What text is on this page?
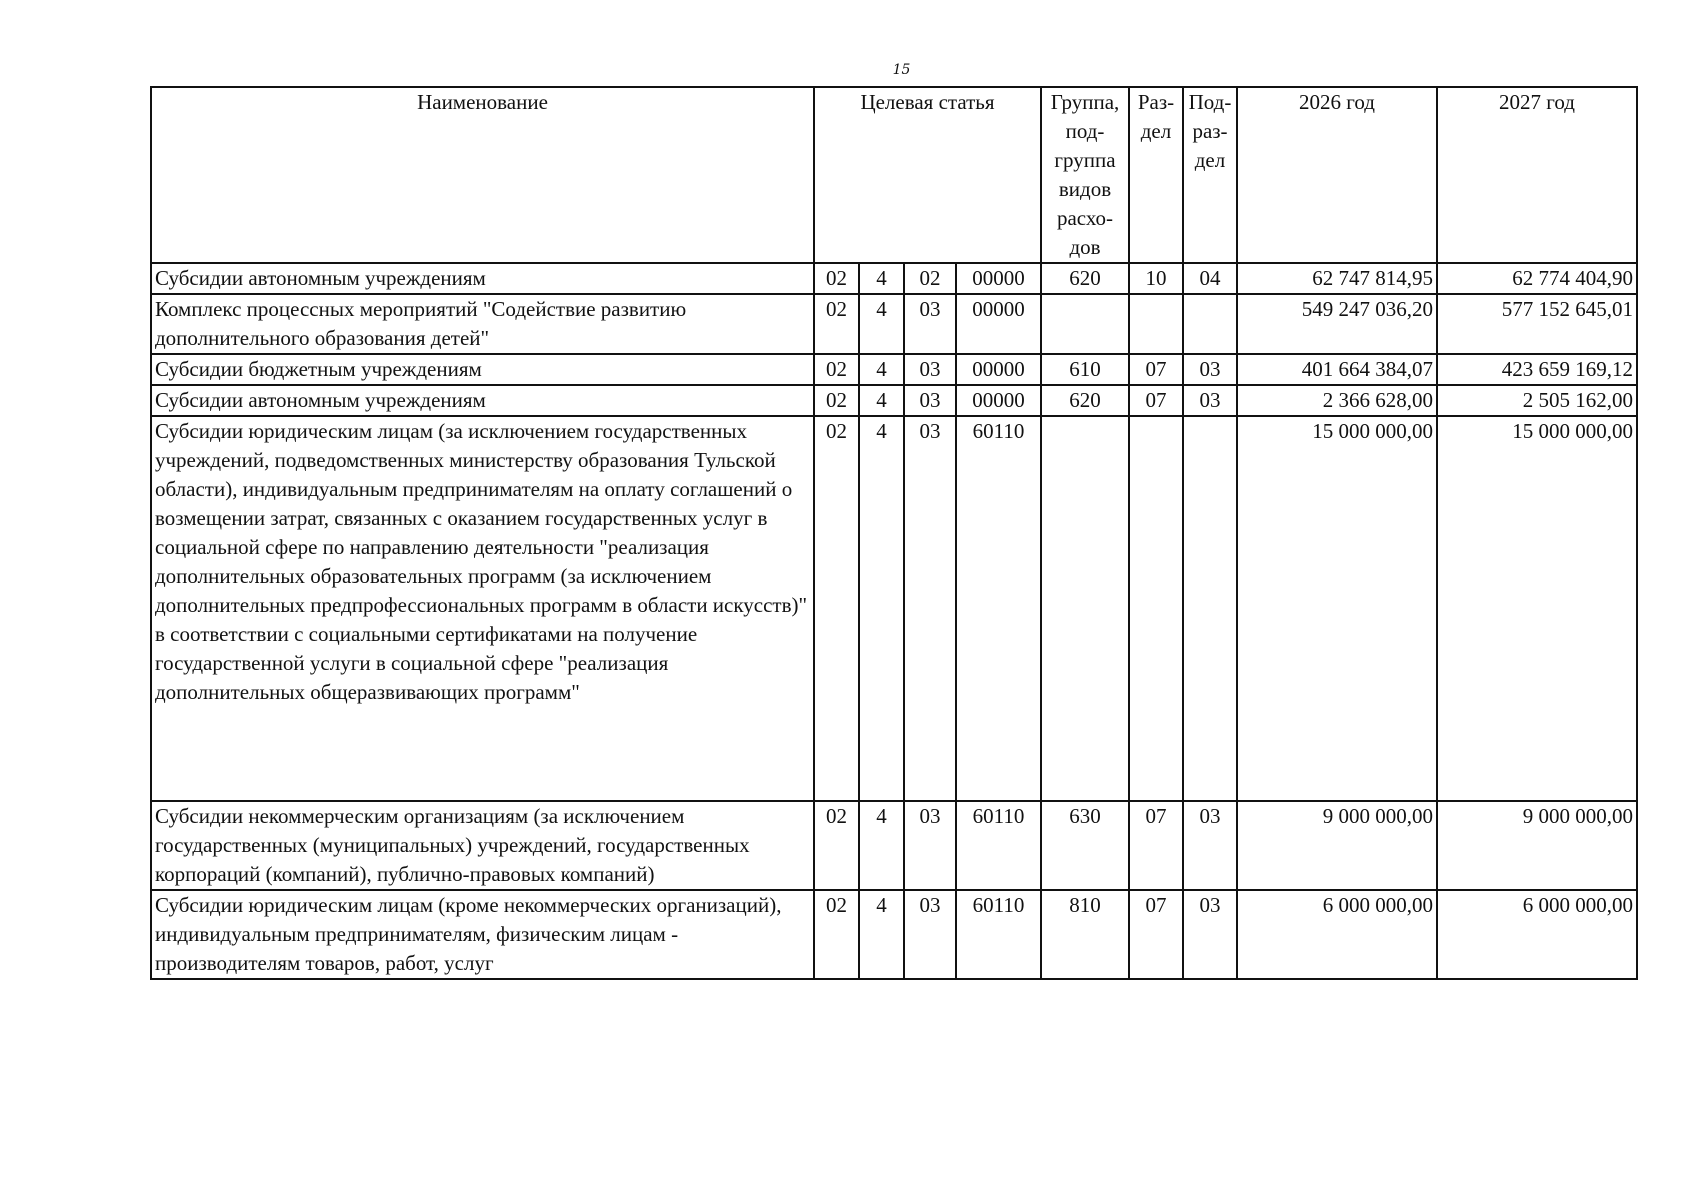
15
Наименование	Целевая статья				Группа, под-группа видов расхо-дов	Раз-дел	Под-раз-дел	2026 год	2027 год
Субсидии автономным учреждениям	02	4	02	00000	620	10	04	62 747 814,95	62 774 404,90
Комплекс процессных мероприятий "Содействие развитию дополнительного образования детей"	02	4	03	00000				549 247 036,20	577 152 645,01
Субсидии бюджетным учреждениям	02	4	03	00000	610	07	03	401 664 384,07	423 659 169,12
Субсидии автономным учреждениям	02	4	03	00000	620	07	03	2 366 628,00	2 505 162,00
Субсидии юридическим лицам (за исключением государственных учреждений, подведомственных министерству образования Тульской области), индивидуальным предпринимателям на оплату соглашений о возмещении затрат, связанных с оказанием государственных услуг в социальной сфере по направлению деятельности "реализация дополнительных образовательных программ (за исключением дополнительных предпрофессиональных программ в области искусств)" в соответствии с социальными сертификатами на получение государственной услуги в социальной сфере "реализация дополнительных общеразвивающих программ"	02	4	03	60110				15 000 000,00	15 000 000,00
Субсидии некоммерческим организациям (за исключением государственных (муниципальных) учреждений, государственных корпораций (компаний), публично-правовых компаний)	02	4	03	60110	630	07	03	9 000 000,00	9 000 000,00
Субсидии юридическим лицам (кроме некоммерческих организаций), индивидуальным предпринимателям, физическим лицам - производителям товаров, работ, услуг	02	4	03	60110	810	07	03	6 000 000,00	6 000 000,00
